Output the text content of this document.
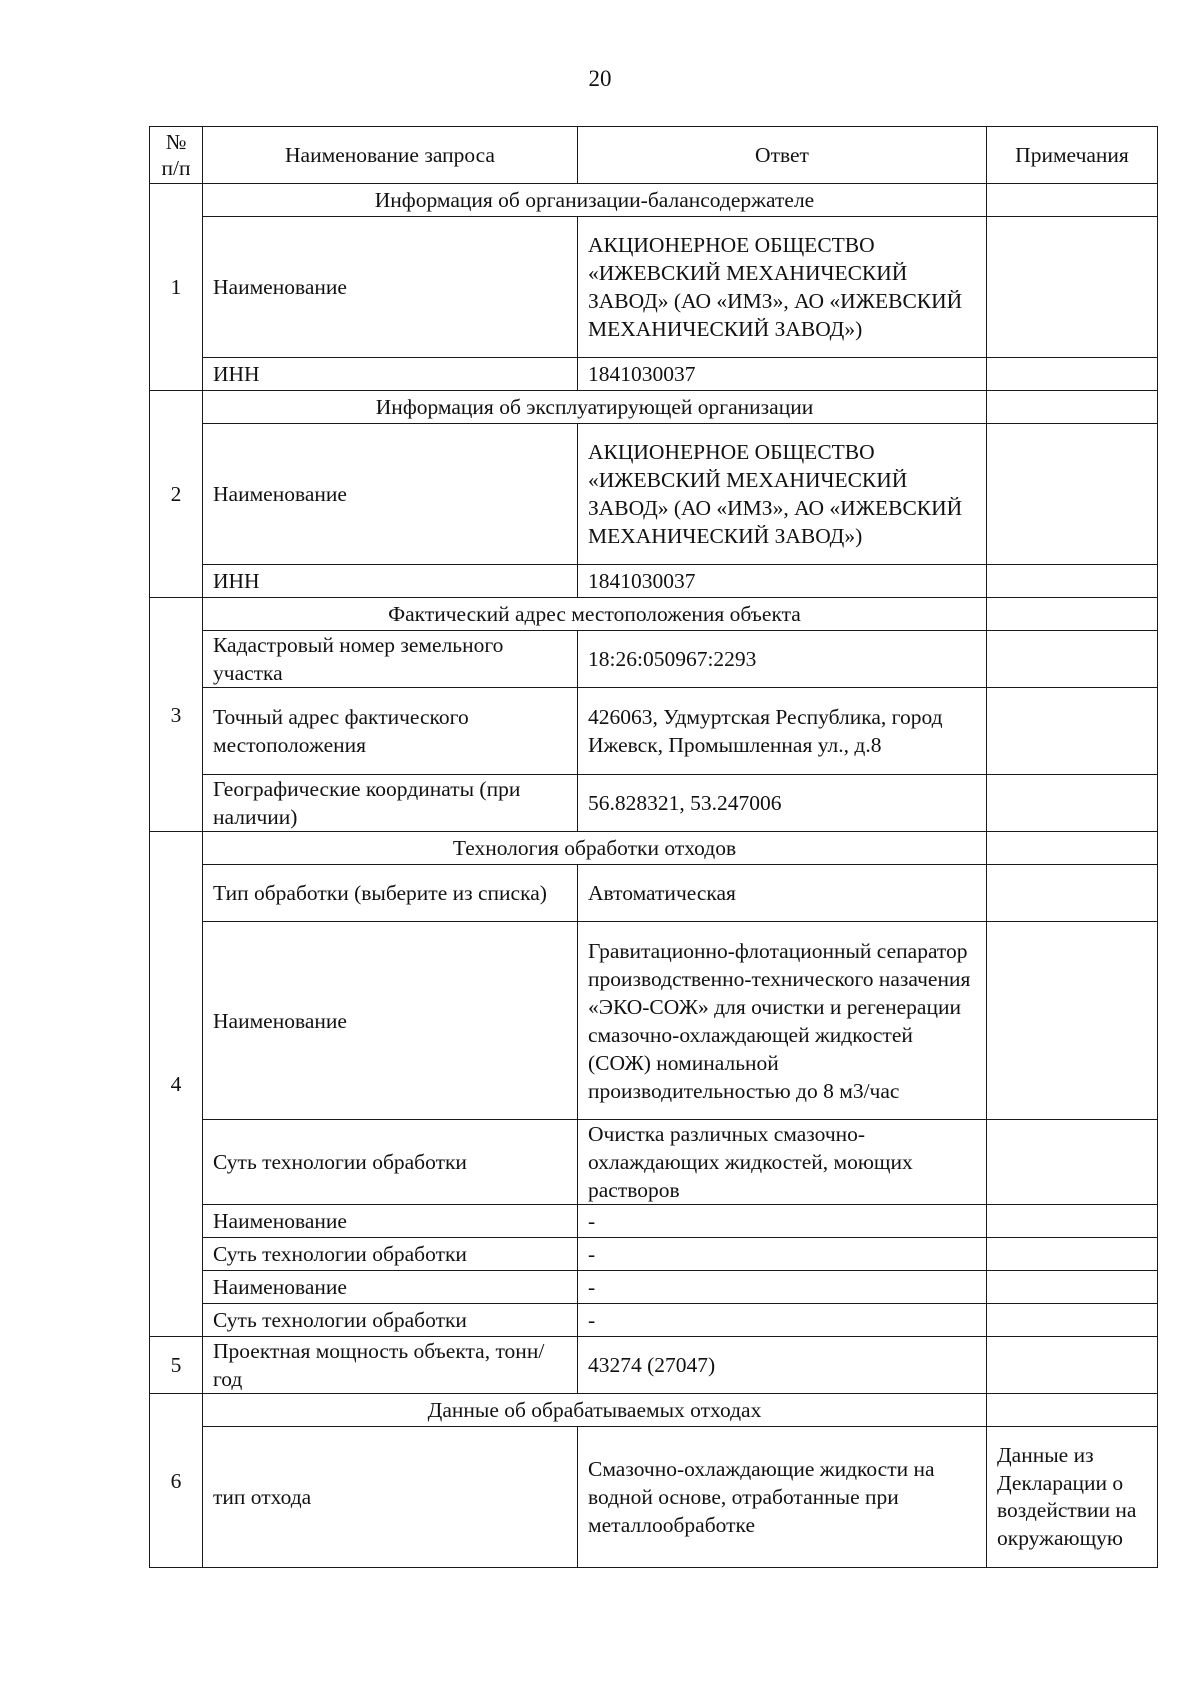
20
№
п/п	Наименование запроса	Ответ	Примечания
1	Информация об организации-балансодержателе		
	Наименование	АКЦИОНЕРНОЕ ОБЩЕСТВО «ИЖЕВСКИЙ МЕХАНИЧЕСКИЙ ЗАВОД» (АО «ИМЗ», АО «ИЖЕВСКИЙ МЕХАНИЧЕСКИЙ ЗАВОД»)	
	ИНН	1841030037	
2	Информация об эксплуатирующей организации		
	Наименование	АКЦИОНЕРНОЕ ОБЩЕСТВО «ИЖЕВСКИЙ МЕХАНИЧЕСКИЙ ЗАВОД» (АО «ИМЗ», АО «ИЖЕВСКИЙ МЕХАНИЧЕСКИЙ ЗАВОД»)	
	ИНН	1841030037	
3	Фактический адрес местоположения объекта		
	Кадастровый номер земельного участка	18:26:050967:2293	
	Точный адрес фактического местоположения	426063, Удмуртская Республика, город Ижевск, Промышленная ул., д.8	
	Географические координаты (при наличии)	56.828321, 53.247006	
4	Технология обработки отходов		
	Тип обработки (выберите из списка)	Автоматическая	
	Наименование	Гравитационно-флотационный сепаратор производственно-технического назачения «ЭКО-СОЖ» для очистки и регенерации смазочно-охлаждающей жидкостей (СОЖ) номинальной производительностью до 8 м3/час	
	Суть технологии обработки	Очистка различных смазочно-охлаждающих жидкостей, моющих растворов	
	Наименование	-	
	Суть технологии обработки	-	
	Наименование	-	
	Суть технологии обработки	-	
5	Проектная мощность объекта, тонн/год	43274 (27047)	
6	Данные об обрабатываемых отходах		
	тип отхода	Смазочно-охлаждающие жидкости на водной основе, отработанные при металлообработке	Данные из Декларации о воздействии на окружающую
